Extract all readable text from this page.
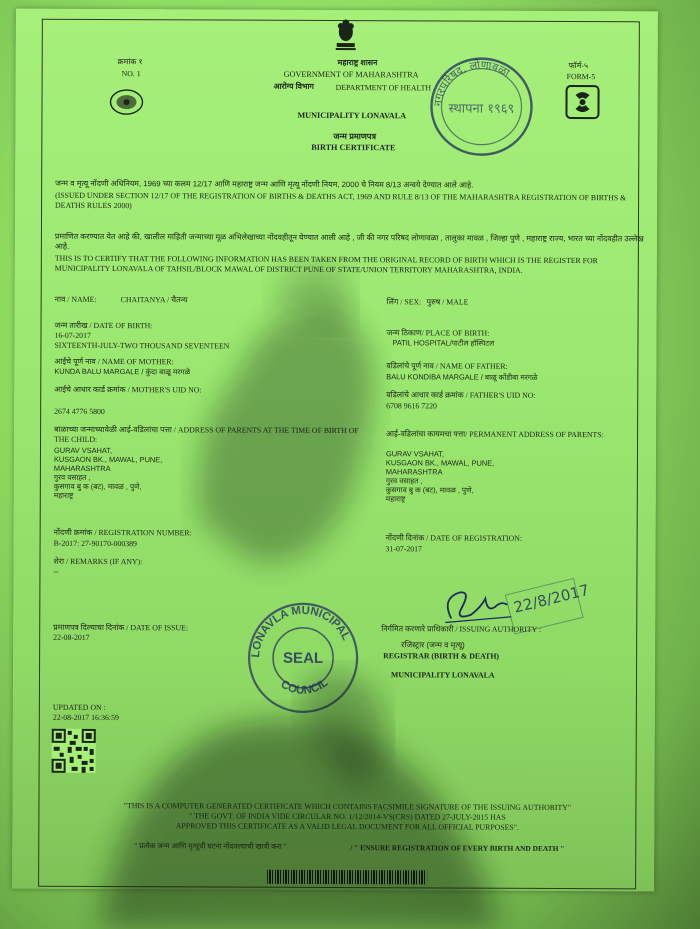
क्रमांक १
NO. 1
महाराष्ट्र शासन
GOVERNMENT OF MAHARASHTRA
आरोग्य विभाग	DEPARTMENT OF HEALTH
फॉर्म-५
FORM-5
MUNICIPALITY LONAVALA
जन्म प्रमाणपत्र
BIRTH CERTIFICATE
नगरपरिषद, लोणावळा
स्थापना १९६९
जन्म व मृत्यू नोंदणी अधिनियम, 1969 च्या कलम 12/17 आणि महाराष्ट्र जन्म आणि मृत्यू नोंदणी नियम, 2000 चे नियम 8/13 अन्वये देण्यात आले आहे.
(ISSUED UNDER SECTION 12/17 OF THE REGISTRATION OF BIRTHS & DEATHS ACT, 1969 AND RULE 8/13 OF THE MAHARASHTRA REGISTRATION OF BIRTHS & DEATHS RULES 2000)
प्रमाणित करण्यात येत आहे की, खालील माहिती जन्माच्या मूळ अभिलेखाच्या नोंदवहीतून घेण्यात आली आहे , जी की नगर परिषद लोणावळा , तालुका मावळ , जिल्हा पुणे , महाराष्ट्र राज्य, भारत च्या नोंदवहीत उल्लेख आहे.
THIS IS TO CERTIFY THAT THE FOLLOWING INFORMATION HAS BEEN TAKEN FROM THE ORIGINAL RECORD OF BIRTH WHICH IS THE REGISTER FOR MUNICIPALITY LONAVALA OF TAHSIL/BLOCK MAWAL OF DISTRICT PUNE OF STATE/UNION TERRITORY MAHARASHTRA, INDIA.
नाव / NAME:	CHAITANYA / चैतन्य	लिंग / SEX: पुरुष / MALE
जन्म तारीख / DATE OF BIRTH:
16-07-2017
SIXTEENTH-JULY-TWO THOUSAND SEVENTEEN
जन्म ठिकाण/ PLACE OF BIRTH:
PATIL HOSPITAL/पाटील हॉस्पिटल
आईचे पूर्ण नाव / NAME OF MOTHER:
KUNDA BALU MARGALE / कुंदा बाळू मरगळे
वडिलांचे पूर्ण नाव / NAME OF FATHER:
BALU KONDIBA MARGALE / बाळू कोंडीबा मरगळे
आईचे आधार कार्ड क्रमांक / MOTHER'S UID NO:
2674 4776 5800
वडिलांचे आधार कार्ड क्रमांक / FATHER'S UID NO:
6708 9616 7220
बाळाच्या जन्माच्यावेळी आई-वडिलांचा पत्ता / ADDRESS OF PARENTS AT THE TIME OF BIRTH OF THE CHILD:
GURAV VSAHAT,
KUSGAON BK., MAWAL, PUNE,
MAHARASHTRA
गुरव वसाहत ,
कुसगाव बु क (बट), मावळ , पुणे,
महाराष्ट्र
आई-वडिलांचा कायमचा पत्ता/ PERMANENT ADDRESS OF PARENTS:
GURAV VSAHAT,
KUSGAON BK., MAWAL, PUNE,
MAHARASHTRA
गुरव वसाहत ,
कुसगाव बु क (बट), मावळ , पुणे,
महाराष्ट्र
नोंदणी क्रमांक / REGISTRATION NUMBER:
B-2017: 27-90170-000389
नोंदणी दिनांक / DATE OF REGISTRATION:
31-07-2017
शेरा / REMARKS (IF ANY):
--
प्रमाणपत्र दिल्याचा दिनांक / DATE OF ISSUE:
22-08-2017
22/8/2017
निर्गमित करणारे प्राधिकारी / ISSUING AUTHORITY :
रजिस्ट्रार (जन्म व मृत्यू)
REGISTRAR (BIRTH & DEATH)
MUNICIPALITY LONAVALA
LONAVLA MUNICIPAL
COUNCIL
SEAL
UPDATED ON :
22-08-2017 16:36:59
"THIS IS A COMPUTER GENERATED CERTIFICATE WHICH CONTAINS FACSIMILE SIGNATURE OF THE ISSUING AUTHORITY"
" THE GOVT. OF INDIA VIDE CIRCULAR NO. 1/12/2014-VS(CRS) DATED 27-JULY-2015 HAS
APPROVED THIS CERTIFICATE AS A VALID LEGAL DOCUMENT FOR ALL OFFICIAL PURPOSES".
" प्रत्येक जन्म आणि मृत्यूची घटना नोंदवल्याची खात्री करा "	/ " ENSURE REGISTRATION OF EVERY BIRTH AND DEATH "
